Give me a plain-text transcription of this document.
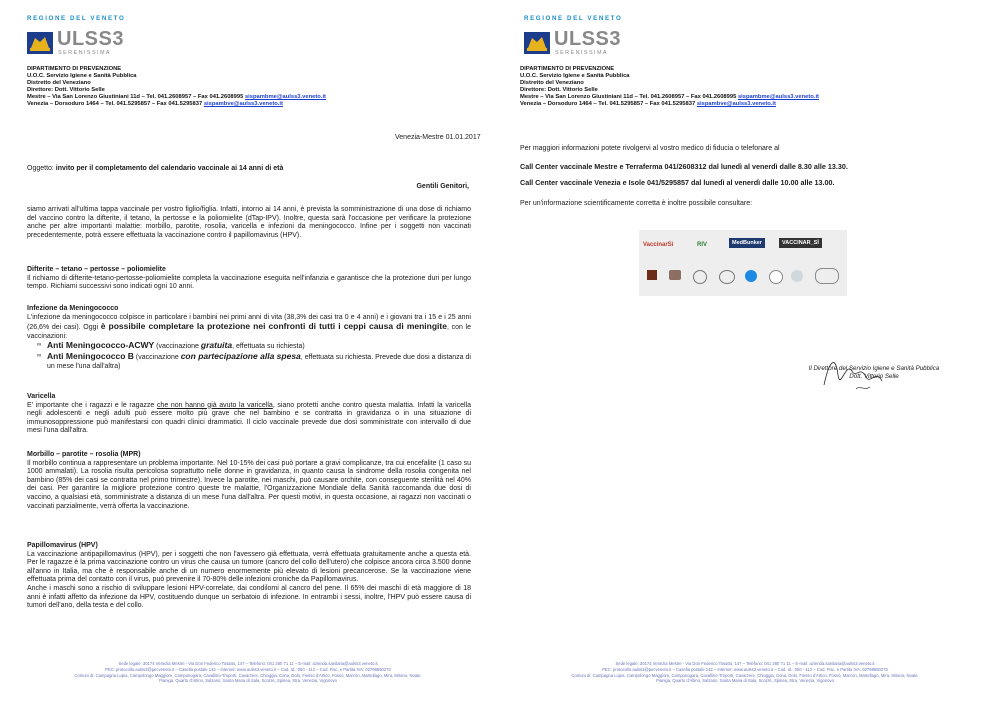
REGIONE DEL VENETO
ULSS3
SERENISSIMA
DIPARTIMENTO DI PREVENZIONE
U.O.C. Servizio Igiene e Sanità Pubblica
Distretto del Veneziano
Direttore: Dott. Vittorio Selle
Mestre – Via San Lorenzo Giustiniani 11d – Tel. 041.2608957 – Fax 041.2608995 sispambme@aulss3.veneto.it
Venezia – Dorsoduro 1464 – Tel. 041.5295857 – Fax 041.5295837 sispambve@aulss3.veneto.it
Venezia-Mestre 01.01.2017
Oggetto: invito per il completamento del calendario vaccinale ai 14 anni di età
Gentili Genitori,
siamo arrivati all'ultima tappa vaccinale per vostro figlio/figlia. Infatti, intorno ai 14 anni, è prevista la somministrazione di una dose di richiamo del vaccino contro la difterite, il tetano, la pertosse e la poliomielite (dTap-IPV). Inoltre, questa sarà l'occasione per verificare la protezione anche per altre importanti malattie: morbillo, parotite, rosolia, varicella e infezioni da meningococco. Infine per i soggetti non vaccinati precedentemente, potrà essere effettuata la vaccinazione contro il papillomavirus (HPV).
Difterite – tetano – pertosse – poliomielite
Il richiamo di difterite-tetano-pertosse-poliomielite completa la vaccinazione eseguita nell'infanzia e garantisce che la protezione duri per lungo tempo. Richiami successivi sono indicati ogni 10 anni.
Infezione da Meningococco
L'infezione da meningococco colpisce in particolare i bambini nei primi anni di vita (38,3% dei casi tra 0 e 4 anni) e i giovani tra i 15 e i 25 anni (26,6% dei casi). Oggi è possibile completare la protezione nei confronti di tutti i ceppi causa di meningite, con le vaccinazioni:
∞ Anti Meningococco-ACWY (vaccinazione gratuita, effettuata su richiesta)
∞ Anti Meningococco B (vaccinazione con partecipazione alla spesa, effettuata su richiesta. Prevede due dosi a distanza di un mese l'una dall'altra)
Varicella
E' importante che i ragazzi e le ragazze che non hanno già avuto la varicella, siano protetti anche contro questa malattia. Infatti la varicella negli adolescenti e negli adulti può essere molto più grave che nel bambino e se contratta in gravidanza o in una situazione di immunosoppressione può manifestarsi con quadri clinici drammatici. Il ciclo vaccinale prevede due dosi somministrate con intervallo di due mesi l'una dall'altra.
Morbillo – parotite – rosolia (MPR)
Il morbillo continua a rappresentare un problema importante. Nel 10-15% dei casi può portare a gravi complicanze, tra cui encefalite (1 caso su 1000 ammalati). La rosolia risulta pericolosa soprattutto nelle donne in gravidanza, in quanto causa la sindrome della rosolia congenita nel bambino (85% dei casi se contratta nel primo trimestre). Invece la parotite, nei maschi, può causare orchite, con conseguente sterilità nel 40% dei casi. Per garantire la migliore protezione contro queste tre malattie, l'Organizzazione Mondiale della Sanità raccomanda due dosi di vaccino, a qualsiasi età, somministrate a distanza di un mese l'una dall'altra. Per questi motivi, in questa occasione, ai ragazzi non vaccinati o vaccinati parzialmente, verrà offerta la vaccinazione.
Papillomavirus (HPV)
La vaccinazione antipapillomavirus (HPV), per i soggetti che non l'avessero già effettuata, verrà effettuata gratuitamente anche a questa età. Per le ragazze è la prima vaccinazione contro un virus che causa un tumore (cancro del collo dell'utero) che colpisce ancora circa 3.500 donne all'anno in Italia, ma che è responsabile anche di un numero enormemente più elevato di lesioni precancerose. Se la vaccinazione viene effettuata prima del contatto con il virus, può prevenire il 70-80% delle infezioni croniche da Papillomavirus.
Anche i maschi sono a rischio di sviluppare lesioni HPV-correlate, dai condilomi al cancro del pene. Il 65% dei maschi di età maggiore di 18 anni è infatti affetto da infezione da HPV, costituendo dunque un serbatoio di infezione. In entrambi i sessi, inoltre, l'HPV può essere causa di tumori dell'ano, della testa e del collo.
Sede legale: 30174 Venezia Mestre - Via Don Federico Tosatto, 147 – Telefono: 041 260 71 11 – E-mail: azienda.sanitaria@aulss3.veneto.it
PEC: protocollo.aulss3@pecveneto.it – Casella postale 142 – Internet: www.aulss3.veneto.it – Cod. Id.: 050 - 112 – Cod. Fisc. e Partita IVA: 02798850273
Comuni di: Campagna Lupia, Campolongo Maggiore, Camponogara, Cavallino-Treporti, Cavarzere, Chioggia, Cona, Dolo, Fiesso d'Artico, Fossò, Marcon, Martellago, Mira, Mirano, Noale,
Pianiga, Quarto d'Altino, Salzano, Santa Maria di Sala, Scorzè, Spinea, Stra, Venezia, Vigonovo
REGIONE DEL VENETO
ULSS3
SERENISSIMA
DIPARTIMENTO DI PREVENZIONE
U.O.C. Servizio Igiene e Sanità Pubblica
Distretto del Veneziano
Direttore: Dott. Vittorio Selle
Mestre – Via San Lorenzo Giustiniani 11d – Tel. 041.2608957 – Fax 041.2608995 sispambme@aulss3.veneto.it
Venezia – Dorsoduro 1464 – Tel. 041.5295857 – Fax 041.5295837 sispambve@aulss3.veneto.it
Per maggiori informazioni potete rivolgervi al vostro medico di fiducia o telefonare al
Call Center vaccinale Mestre e Terraferma 041/2608312 dal lunedì al venerdì dalle 8.30 alle 13.30.
Call Center vaccinale Venezia e Isole 041/5295857 dal lunedì al venerdì dalle 10.00 alle 13.00.
Per un'informazione scientificamente corretta è inoltre possibile consultare:
VaccinarSì	RIV	MedBunker	VACCINAR_SÌ
Il Direttore del Servizio Igiene e Sanità Pubblica
Dott. Vittorio Selle
Sede legale: 30174 Venezia Mestre - Via Don Federico Tosatto, 147 – Telefono: 041 260 71 11 – E-mail: azienda.sanitaria@aulss3.veneto.it
PEC: protocollo.aulss3@pecveneto.it – Casella postale 142 – Internet: www.aulss3.veneto.it – Cod. Id.: 050 - 112 – Cod. Fisc. e Partita IVA: 02798850273
Comuni di: Campagna Lupia, Campolongo Maggiore, Camponogara, Cavallino-Treporti, Cavarzere, Chioggia, Cona, Dolo, Fiesso d'Artico, Fossò, Marcon, Martellago, Mira, Mirano, Noale,
Pianiga, Quarto d'Altino, Salzano, Santa Maria di Sala, Scorzè, Spinea, Stra, Venezia, Vigonovo
